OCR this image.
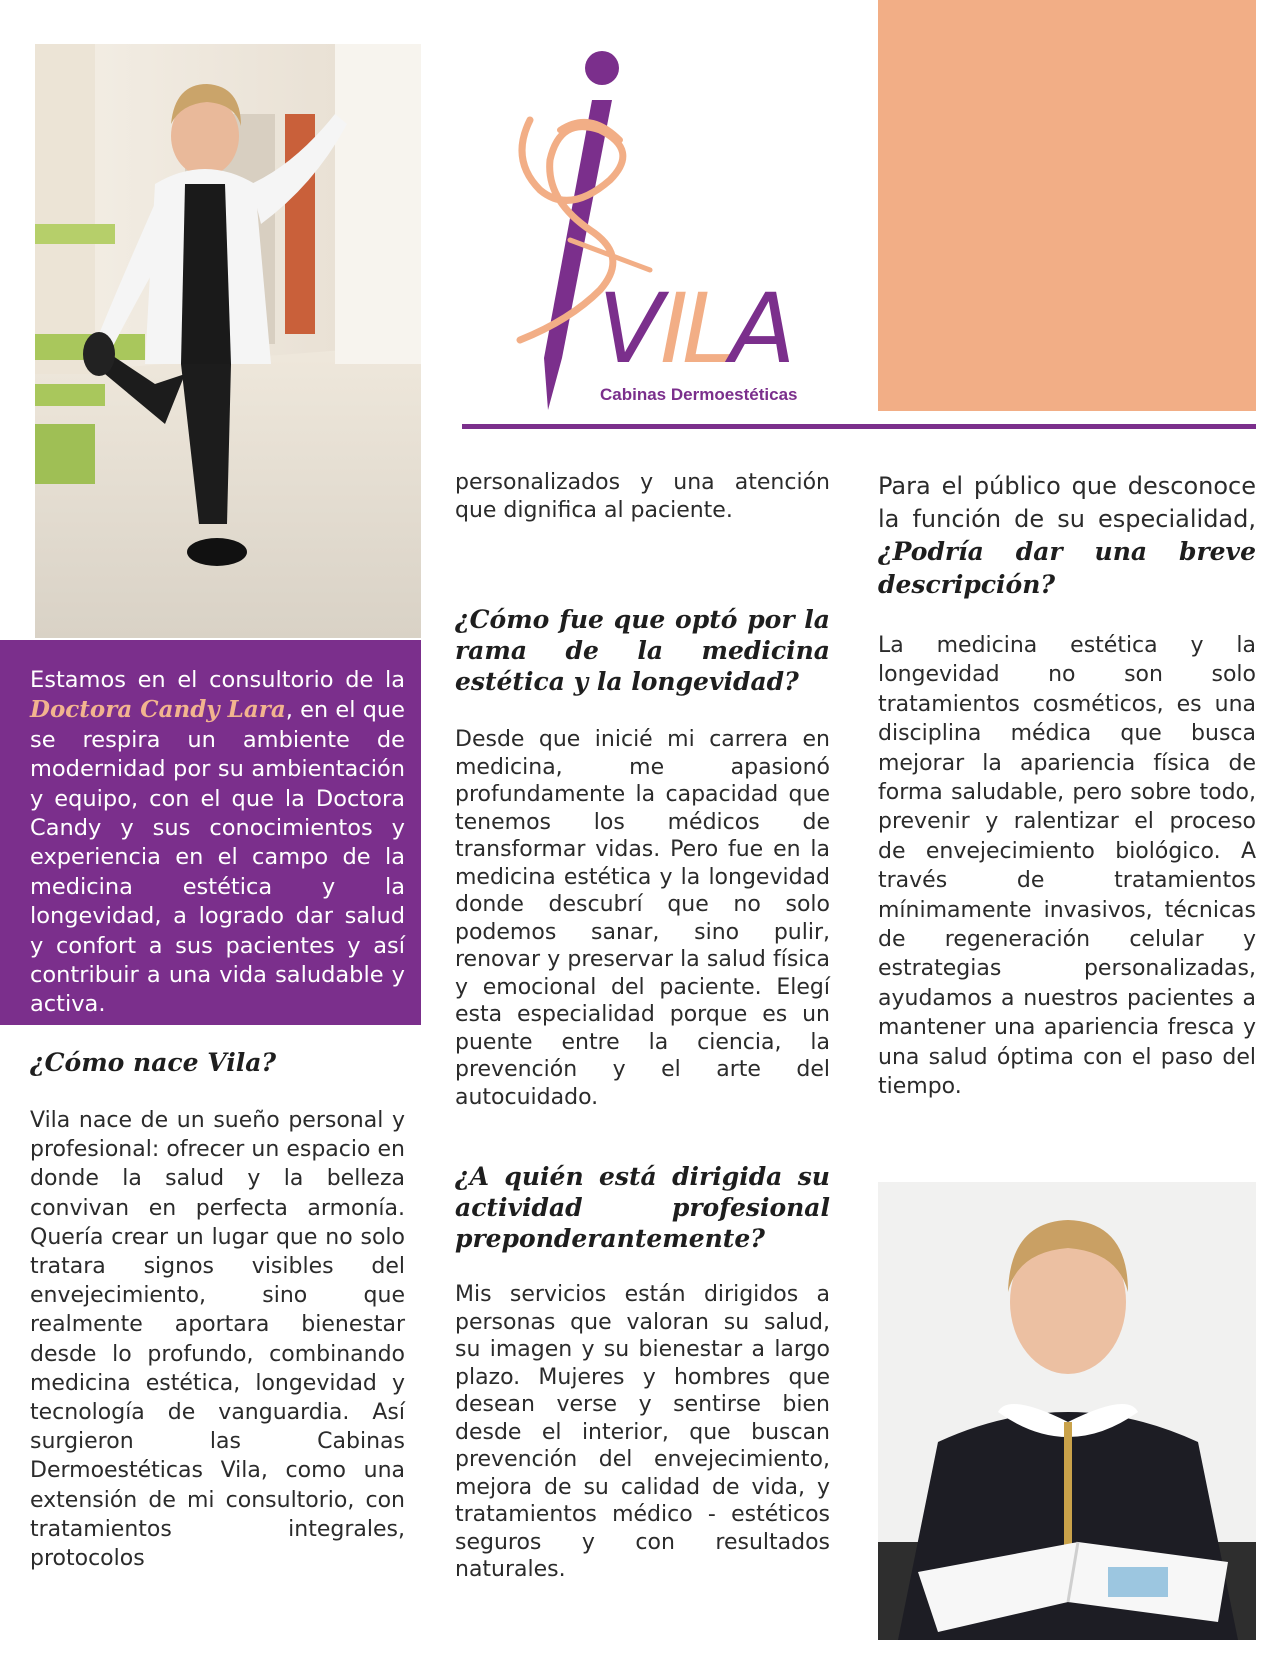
Estamos en el consultorio de la Doctora Candy Lara, en el que se respira un ambiente de modernidad por su ambientación y equipo, con el que la Doctora Candy y sus conocimientos y experiencia en el campo de la medicina estética y la longevidad, a logrado dar salud y confort a sus pacientes y así contribuir a una vida saludable y activa.

¿Cómo nace Vila?

Vila nace de un sueño personal y profesional: ofrecer un espacio en donde la salud y la belleza convivan en perfecta armonía. Quería crear un lugar que no solo tratara signos visibles del envejecimiento, sino que realmente aportara bienestar desde lo profundo, combinando medicina estética, longevidad y tecnología de vanguardia. Así surgieron las Cabinas Dermoestéticas Vila, como una extensión de mi consultorio, con tratamientos integrales, protocolos

V
I
L
A
Cabinas Dermoestéticas

personalizados y una atención que dignifica al paciente.

¿Cómo fue que optó por la rama de la medicina estética y la longevidad?

Desde que inicié mi carrera en medicina, me apasionó profundamente la capacidad que tenemos los médicos de transformar vidas. Pero fue en la medicina estética y la longevidad donde descubrí que no solo podemos sanar, sino pulir, renovar y preservar la salud física y emocional del paciente. Elegí esta especialidad porque es un puente entre la ciencia, la prevención y el arte del autocuidado.

¿A quién está dirigida su actividad profesional preponderantemente?

Mis servicios están dirigidos a personas que valoran su salud, su imagen y su bienestar a largo plazo. Mujeres y hombres que desean verse y sentirse bien desde el interior, que buscan prevención del envejecimiento, mejora de su calidad de vida, y tratamientos médico - estéticos seguros y con resultados naturales.

Para el público que desconoce la función de su especialidad, ¿Podría dar una breve descripción?

La medicina estética y la longevidad no son solo tratamientos cosméticos, es una disciplina médica que busca mejorar la apariencia física de forma saludable, pero sobre todo, prevenir y ralentizar el proceso de envejecimiento biológico. A través de tratamientos mínimamente invasivos, técnicas de regeneración celular y estrategias personalizadas, ayudamos a nuestros pacientes a mantener una apariencia fresca y una salud óptima con el paso del tiempo.
